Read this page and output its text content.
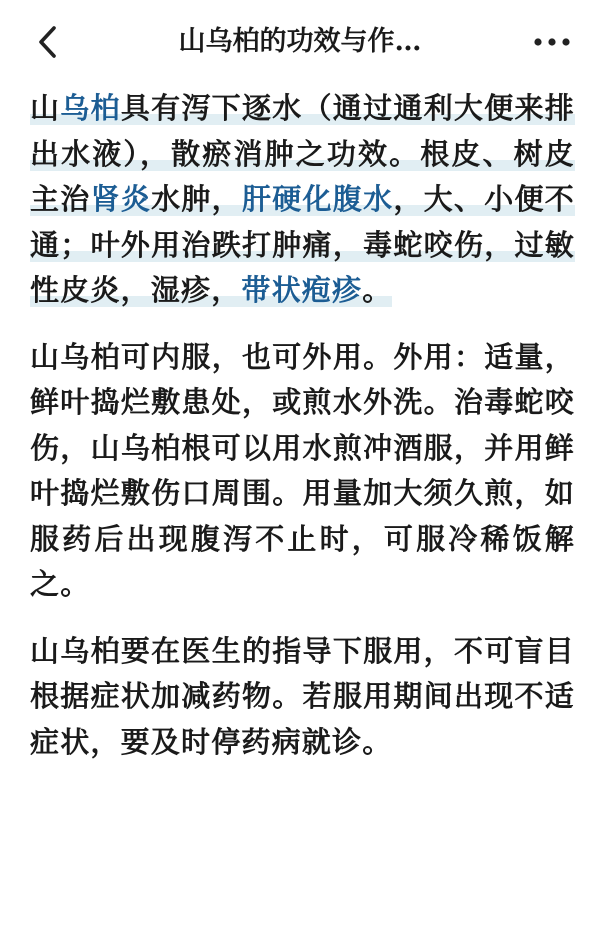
山乌柏的功效与作…

山乌柏具有泻下逐水（通过通利大便来排出水液），散瘀消肿之功效。根皮、树皮主治肾炎水肿，肝硬化腹水，大、小便不通；叶外用治跌打肿痛，毒蛇咬伤，过敏性皮炎，湿疹，带状疱疹。

山乌柏可内服，也可外用。外用：适量，鲜叶捣烂敷患处，或煎水外洗。治毒蛇咬伤，山乌柏根可以用水煎冲酒服，并用鲜叶捣烂敷伤口周围。用量加大须久煎，如服药后出现腹泻不止时，可服冷稀饭解之。

山乌柏要在医生的指导下服用，不可盲目根据症状加减药物。若服用期间出现不适症状，要及时停药病就诊。
